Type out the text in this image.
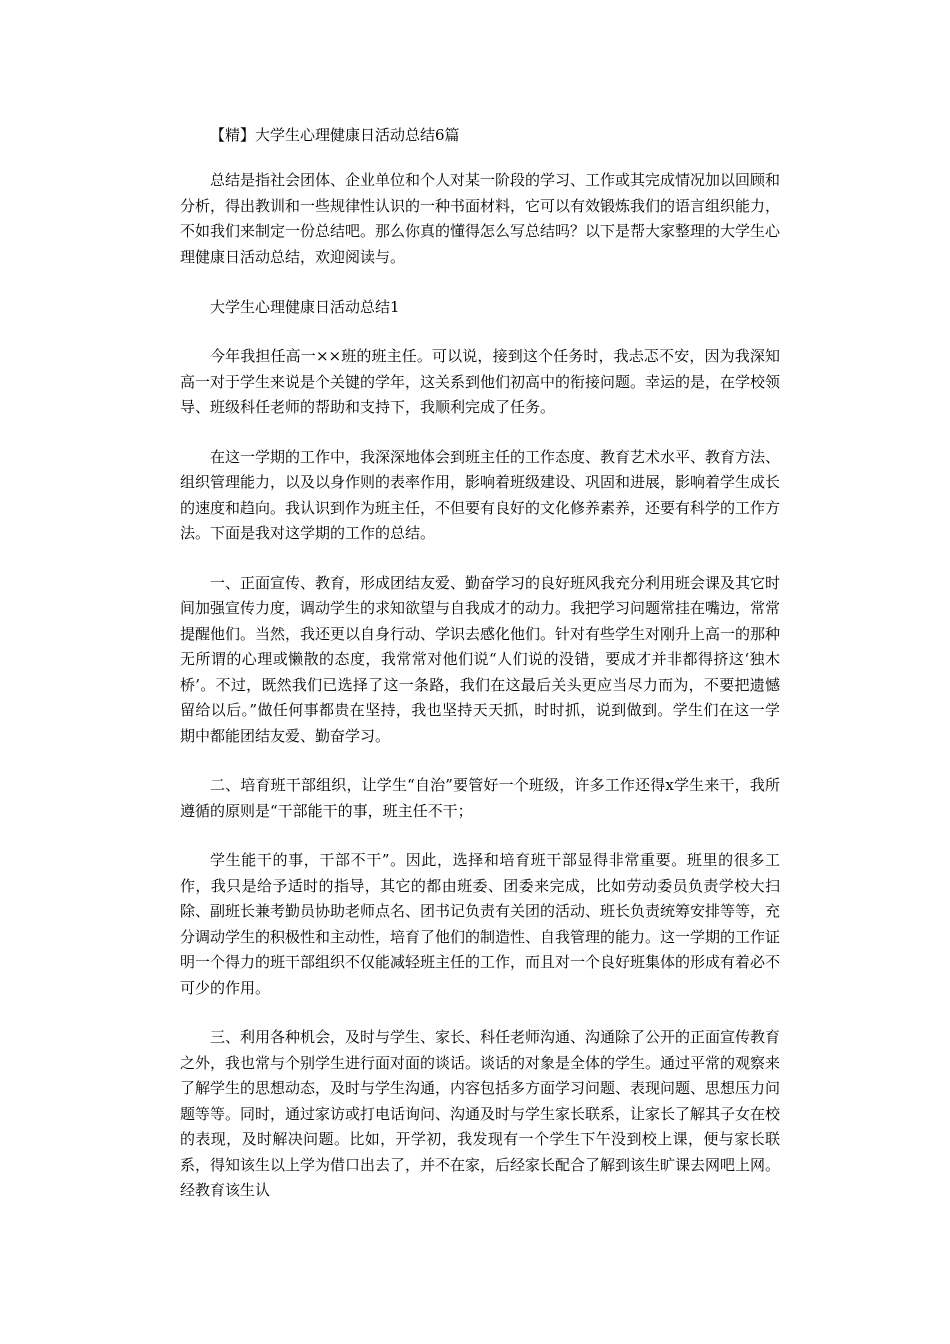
【精】大学生心理健康日活动总结6篇

总结是指社会团体、企业单位和个人对某一阶段的学习、工作或其完成情况加以回顾和分析，得出教训和一些规律性认识的一种书面材料，它可以有效锻炼我们的语言组织能力，不如我们来制定一份总结吧。那么你真的懂得怎么写总结吗？以下是帮大家整理的大学生心理健康日活动总结，欢迎阅读与。

大学生心理健康日活动总结1

今年我担任高一××班的班主任。可以说，接到这个任务时，我忐忑不安，因为我深知高一对于学生来说是个关键的学年，这关系到他们初高中的衔接问题。幸运的是，在学校领导、班级科任老师的帮助和支持下，我顺利完成了任务。

在这一学期的工作中，我深深地体会到班主任的工作态度、教育艺术水平、教育方法、组织管理能力，以及以身作则的表率作用，影响着班级建设、巩固和进展，影响着学生成长的速度和趋向。我认识到作为班主任，不但要有良好的文化修养素养，还要有科学的工作方法。下面是我对这学期的工作的总结。

一、正面宣传、教育，形成团结友爱、勤奋学习的良好班风我充分利用班会课及其它时间加强宣传力度，调动学生的求知欲望与自我成才的动力。我把学习问题常挂在嘴边，常常提醒他们。当然，我还更以自身行动、学识去感化他们。针对有些学生对刚升上高一的那种无所谓的心理或懒散的态度，我常常对他们说“人们说的没错，要成才并非都得挤这‘独木桥’。不过，既然我们已选择了这一条路，我们在这最后关头更应当尽力而为，不要把遗憾留给以后。”做任何事都贵在坚持，我也坚持天天抓，时时抓，说到做到。学生们在这一学期中都能团结友爱、勤奋学习。

二、培育班干部组织，让学生“自治”要管好一个班级，许多工作还得x学生来干，我所遵循的原则是“干部能干的事，班主任不干；

学生能干的事，干部不干”。因此，选择和培育班干部显得非常重要。班里的很多工作，我只是给予适时的指导，其它的都由班委、团委来完成，比如劳动委员负责学校大扫除、副班长兼考勤员协助老师点名、团书记负责有关团的活动、班长负责统筹安排等等，充分调动学生的积极性和主动性，培育了他们的制造性、自我管理的能力。这一学期的工作证明一个得力的班干部组织不仅能减轻班主任的工作，而且对一个良好班集体的形成有着必不可少的作用。

三、利用各种机会，及时与学生、家长、科任老师沟通、沟通除了公开的正面宣传教育之外，我也常与个别学生进行面对面的谈话。谈话的对象是全体的学生。通过平常的观察来了解学生的思想动态，及时与学生沟通，内容包括多方面学习问题、表现问题、思想压力问题等等。同时，通过家访或打电话询问、沟通及时与学生家长联系，让家长了解其子女在校的表现，及时解决问题。比如，开学初，我发现有一个学生下午没到校上课，便与家长联系，得知该生以上学为借口出去了，并不在家，后经家长配合了解到该生旷课去网吧上网。经教育该生认
